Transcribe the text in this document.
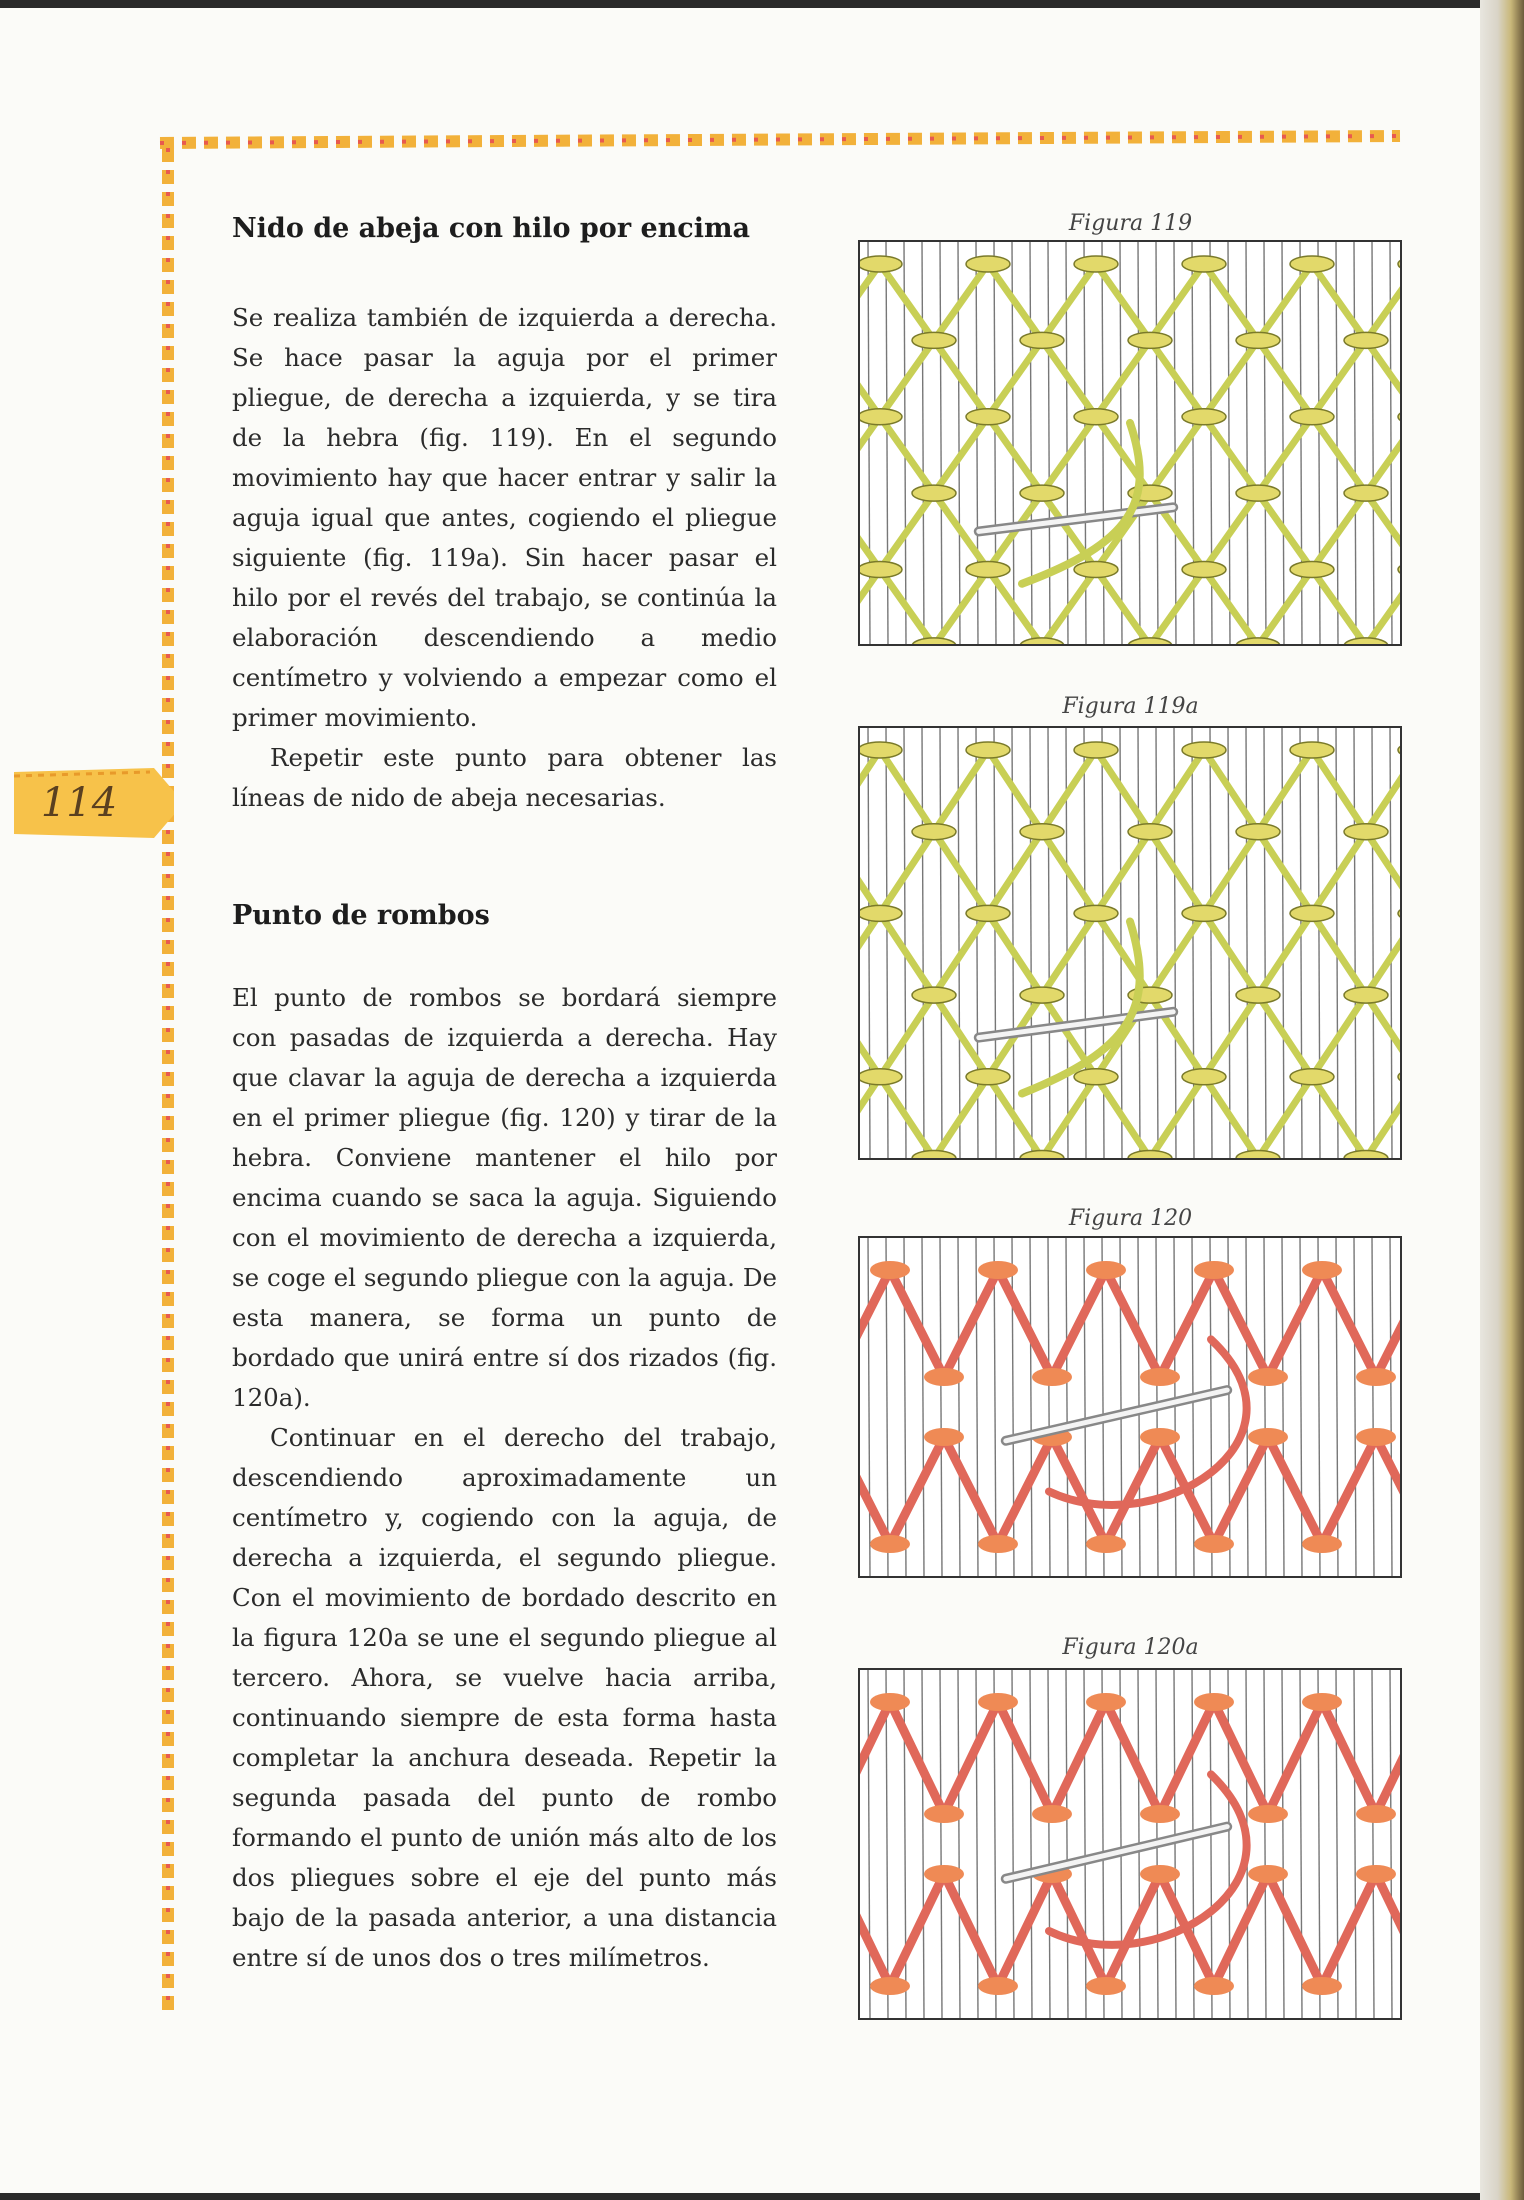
114
Nido de abeja con hilo por encima

Se realiza también de izquierda a derecha. Se hace pasar la aguja por el primer pliegue, de derecha a izquierda, y se tira de la hebra (fig. 119). En el segundo movimiento hay que hacer entrar y salir la aguja igual que antes, cogiendo el pliegue siguiente (fig. 119a). Sin hacer pasar el hilo por el revés del trabajo, se continúa la elaboración descendiendo a medio centímetro y volviendo a empezar como el primer movimiento.

Repetir este punto para obtener las líneas de nido de abeja necesarias.

Punto de rombos

El punto de rombos se bordará siempre con pasadas de izquierda a derecha. Hay que clavar la aguja de derecha a izquierda en el primer pliegue (fig. 120) y tirar de la hebra. Conviene mantener el hilo por encima cuando se saca la aguja. Siguiendo con el movimiento de derecha a izquierda, se coge el segundo pliegue con la aguja. De esta manera, se forma un punto de bordado que unirá entre sí dos rizados (fig. 120a).

Continuar en el derecho del trabajo, descendiendo aproximadamente un centímetro y, cogiendo con la aguja, de derecha a izquierda, el segundo pliegue. Con el movimiento de bordado descrito en la figura 120a se une el segundo pliegue al tercero. Ahora, se vuelve hacia arriba, continuando siempre de esta forma hasta completar la anchura deseada. Repetir la segunda pasada del punto de rombo formando el punto de unión más alto de los dos pliegues sobre el eje del punto más bajo de la pasada anterior, a una distancia entre sí de unos dos o tres milímetros.

Figura 119
Figura 119a
Figura 120
Figura 120a
